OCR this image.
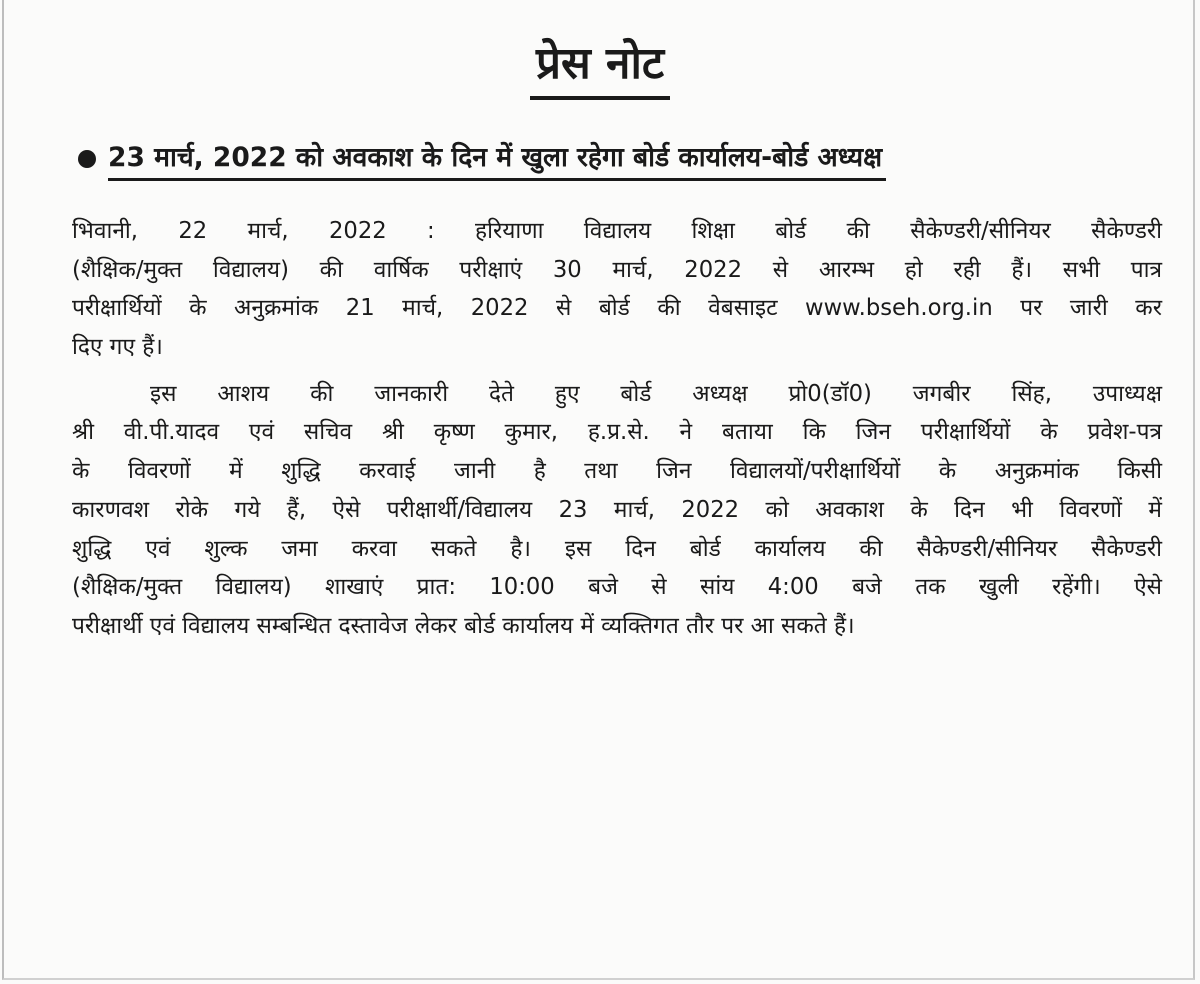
प्रेस नोट
23 मार्च, 2022 को अवकाश के दिन में खुला रहेगा बोर्ड कार्यालय-बोर्ड अध्यक्ष
भिवानी, 22 मार्च, 2022 : हरियाणा विद्यालय शिक्षा बोर्ड की सैकेण्डरी/सीनियर सैकेण्डरी
(शैक्षिक/मुक्त विद्यालय) की वार्षिक परीक्षाएं 30 मार्च, 2022 से आरम्भ हो रही हैं। सभी पात्र
परीक्षार्थियों के अनुक्रमांक 21 मार्च, 2022 से बोर्ड की वेबसाइट www.bseh.org.in पर जारी कर
दिए गए हैं।
इस आशय की जानकारी देते हुए बोर्ड अध्यक्ष प्रो0(डॉ0) जगबीर सिंह, उपाध्यक्ष
श्री वी.पी.यादव एवं सचिव श्री कृष्ण कुमार, ह.प्र.से. ने बताया कि जिन परीक्षार्थियों के प्रवेश-पत्र
के विवरणों में शुद्धि करवाई जानी है तथा जिन विद्यालयों/परीक्षार्थियों के अनुक्रमांक किसी
कारणवश रोके गये हैं, ऐसे परीक्षार्थी/विद्यालय 23 मार्च, 2022 को अवकाश के दिन भी विवरणों में
शुद्धि एवं शुल्क जमा करवा सकते है। इस दिन बोर्ड कार्यालय की सैकेण्डरी/सीनियर सैकेण्डरी
(शैक्षिक/मुक्त विद्यालय) शाखाएं प्रात: 10:00 बजे से सांय 4:00 बजे तक खुली रहेंगी। ऐसे
परीक्षार्थी एवं विद्यालय सम्बन्धित दस्तावेज लेकर बोर्ड कार्यालय में व्यक्तिगत तौर पर आ सकते हैं।
